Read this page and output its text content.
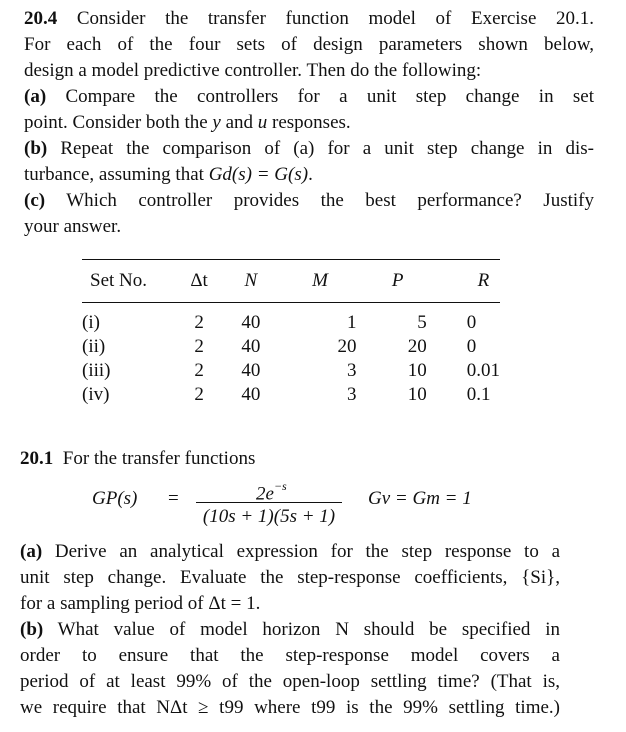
20.4 Consider the transfer function model of Exercise 20.1.
For each of the four sets of design parameters shown below,
design a model predictive controller. Then do the following:
(a) Compare the controllers for a unit step change in set
point. Consider both the y and u responses.
(b) Repeat the comparison of (a) for a unit step change in dis-
turbance, assuming that Gd(s) = G(s).
(c) Which controller provides the best performance? Justify
your answer.
Set No.	Δt	N	M	P	R
(i)	2	40	1	5	0
(ii)	2	40	20	20	0
(iii)	2	40	3	10	0.01
(iv)	2	40	3	10	0.1
20.1 For the transfer functions
GP(s) =	$2e^{-s}$
(10s + 1)(5s + 1)
Gv = Gm = 1
(a) Derive an analytical expression for the step response to a
unit step change. Evaluate the step-response coefficients, {Si},
for a sampling period of Δt = 1.
(b) What value of model horizon N should be specified in
order to ensure that the step-response model covers a
period of at least 99% of the open-loop settling time? (That is,
we require that NΔt ≥ t99 where t99 is the 99% settling time.)
